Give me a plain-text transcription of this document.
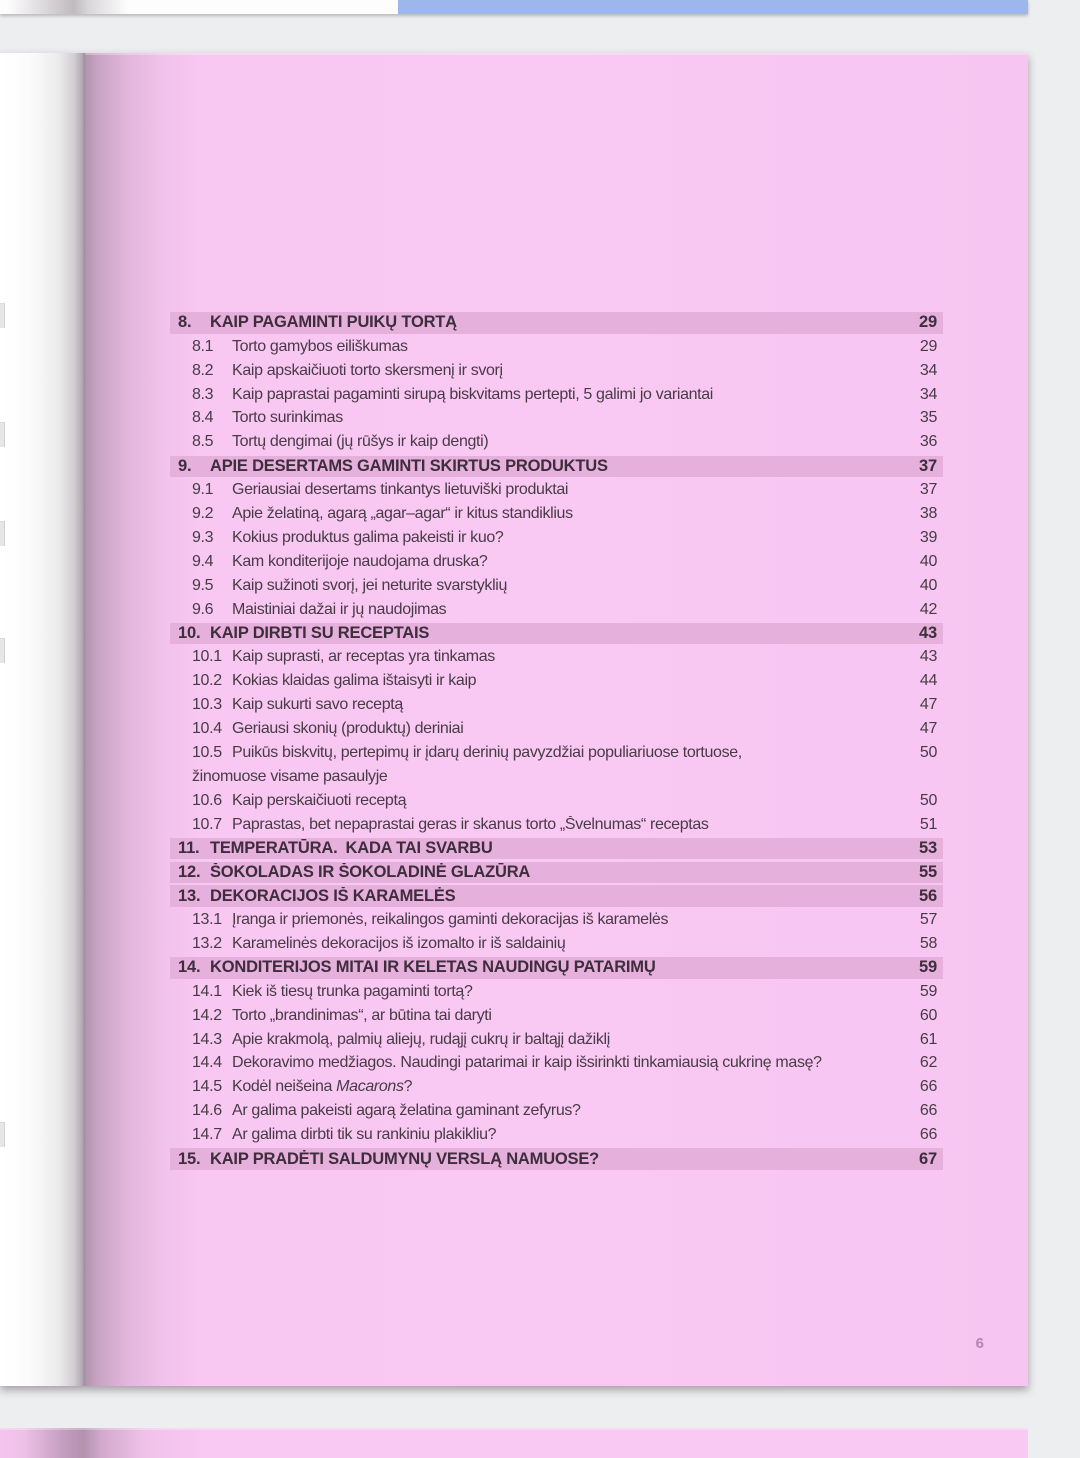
8.	KAIP PAGAMINTI PUIKŲ TORTĄ	29
8.1	Torto gamybos eiliškumas	29
8.2	Kaip apskaičiuoti torto skersmenį ir svorį	34
8.3	Kaip paprastai pagaminti sirupą biskvitams pertepti, 5 galimi jo variantai	34
8.4	Torto surinkimas	35
8.5	Tortų dengimai (jų rūšys ir kaip dengti)	36
9.	APIE DESERTAMS GAMINTI SKIRTUS PRODUKTUS	37
9.1	Geriausiai desertams tinkantys lietuviški produktai	37
9.2	Apie želatiną, agarą „agar–agar“ ir kitus standiklius	38
9.3	Kokius produktus galima pakeisti ir kuo?	39
9.4	Kam konditerijoje naudojama druska?	40
9.5	Kaip sužinoti svorį, jei neturite svarstyklių	40
9.6	Maistiniai dažai ir jų naudojimas	42
10. KAIP DIRBTI SU RECEPTAIS	43
10.1 Kaip suprasti, ar receptas yra tinkamas	43
10.2 Kokias klaidas galima ištaisyti ir kaip	44
10.3 Kaip sukurti savo receptą	47
10.4 Geriausi skonių (produktų) deriniai	47
10.5 Puikūs biskvitų, pertepimų ir įdarų derinių pavyzdžiai populiariuose tortuose,	50
žinomuose visame pasaulyje
10.6 Kaip perskaičiuoti receptą	50
10.7 Paprastas, bet nepaprastai geras ir skanus torto „Švelnumas“ receptas	51
11. TEMPERATŪRA. KADA TAI SVARBU	53
12. ŠOKOLADAS IR ŠOKOLADINĖ GLAZŪRA	55
13. DEKORACIJOS IŠ KARAMELĖS	56
13.1 Įranga ir priemonės, reikalingos gaminti dekoracijas iš karamelės	57
13.2 Karamelinės dekoracijos iš izomalto ir iš saldainių	58
14. KONDITERIJOS MITAI IR KELETAS NAUDINGŲ PATARIMŲ	59
14.1 Kiek iš tiesų trunka pagaminti tortą?	59
14.2 Torto „brandinimas“, ar būtina tai daryti	60
14.3 Apie krakmolą, palmių aliejų, rudąjį cukrų ir baltąjį dažiklį	61
14.4 Dekoravimo medžiagos. Naudingi patarimai ir kaip išsirinkti tinkamiausią cukrinę masę?	62
14.5 Kodėl neišeina Macarons?	66
14.6 Ar galima pakeisti agarą želatina gaminant zefyrus?	66
14.7 Ar galima dirbti tik su rankiniu plakikliu?	66
15. KAIP PRADĖTI SALDUMYNŲ VERSLĄ NAMUOSE?	67
6
